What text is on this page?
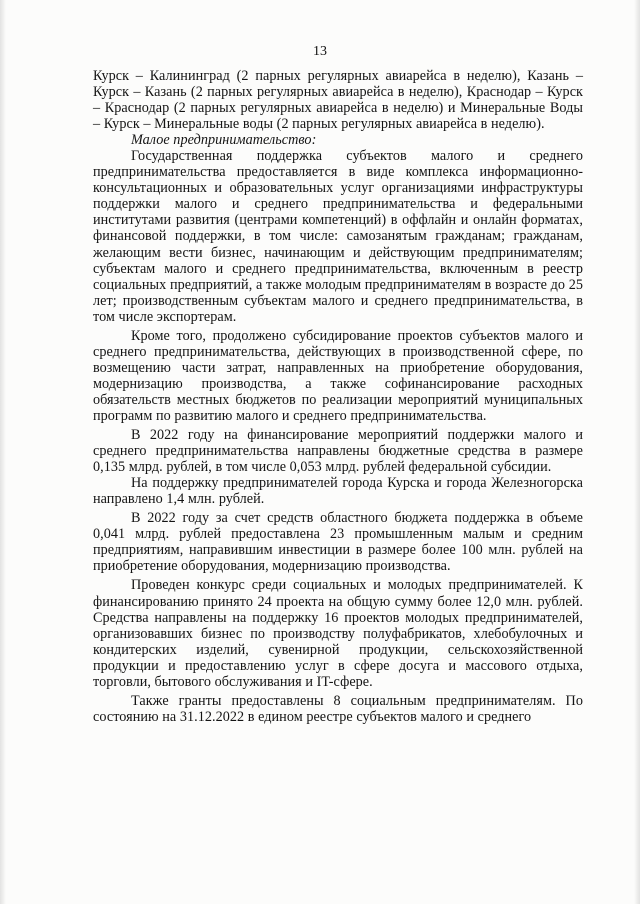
13

Курск – Калининград (2 парных регулярных авиарейса в неделю), Казань – Курск – Казань (2 парных регулярных авиарейса в неделю), Краснодар – Курск – Краснодар (2 парных регулярных авиарейса в неделю) и Минеральные Воды – Курск – Минеральные воды (2 парных регулярных авиарейса в неделю).

Малое предпринимательство:

Государственная поддержка субъектов малого и среднего предпринимательства предоставляется в виде комплекса информационно-консультационных и образовательных услуг организациями инфраструктуры поддержки малого и среднего предпринимательства и федеральными институтами развития (центрами компетенций) в оффлайн и онлайн форматах, финансовой поддержки, в том числе: самозанятым гражданам; гражданам, желающим вести бизнес, начинающим и действующим предпринимателям; субъектам малого и среднего предпринимательства, включенным в реестр социальных предприятий, а также молодым предпринимателям в возрасте до 25 лет; производственным субъектам малого и среднего предпринимательства, в том числе экспортерам.

Кроме того, продолжено субсидирование проектов субъектов малого и среднего предпринимательства, действующих в производственной сфере, по возмещению части затрат, направленных на приобретение оборудования, модернизацию производства, а также софинансирование расходных обязательств местных бюджетов по реализации мероприятий муниципальных программ по развитию малого и среднего предпринимательства.

В 2022 году на финансирование мероприятий поддержки малого и среднего предпринимательства направлены бюджетные средства в размере 0,135 млрд. рублей, в том числе 0,053 млрд. рублей федеральной субсидии.

На поддержку предпринимателей города Курска и города Железногорска направлено 1,4 млн. рублей.

В 2022 году за счет средств областного бюджета поддержка в объеме 0,041 млрд. рублей предоставлена 23 промышленным малым и средним предприятиям, направившим инвестиции в размере более 100 млн. рублей на приобретение оборудования, модернизацию производства.

Проведен конкурс среди социальных и молодых предпринимателей. К финансированию принято 24 проекта на общую сумму более 12,0 млн. рублей. Средства направлены на поддержку 16 проектов молодых предпринимателей, организовавших бизнес по производству полуфабрикатов, хлебобулочных и кондитерских изделий, сувенирной продукции, сельскохозяйственной продукции и предоставлению услуг в сфере досуга и массового отдыха, торговли, бытового обслуживания и IT-сфере.

Также гранты предоставлены 8 социальным предпринимателям. По состоянию на 31.12.2022 в едином реестре субъектов малого и среднего
